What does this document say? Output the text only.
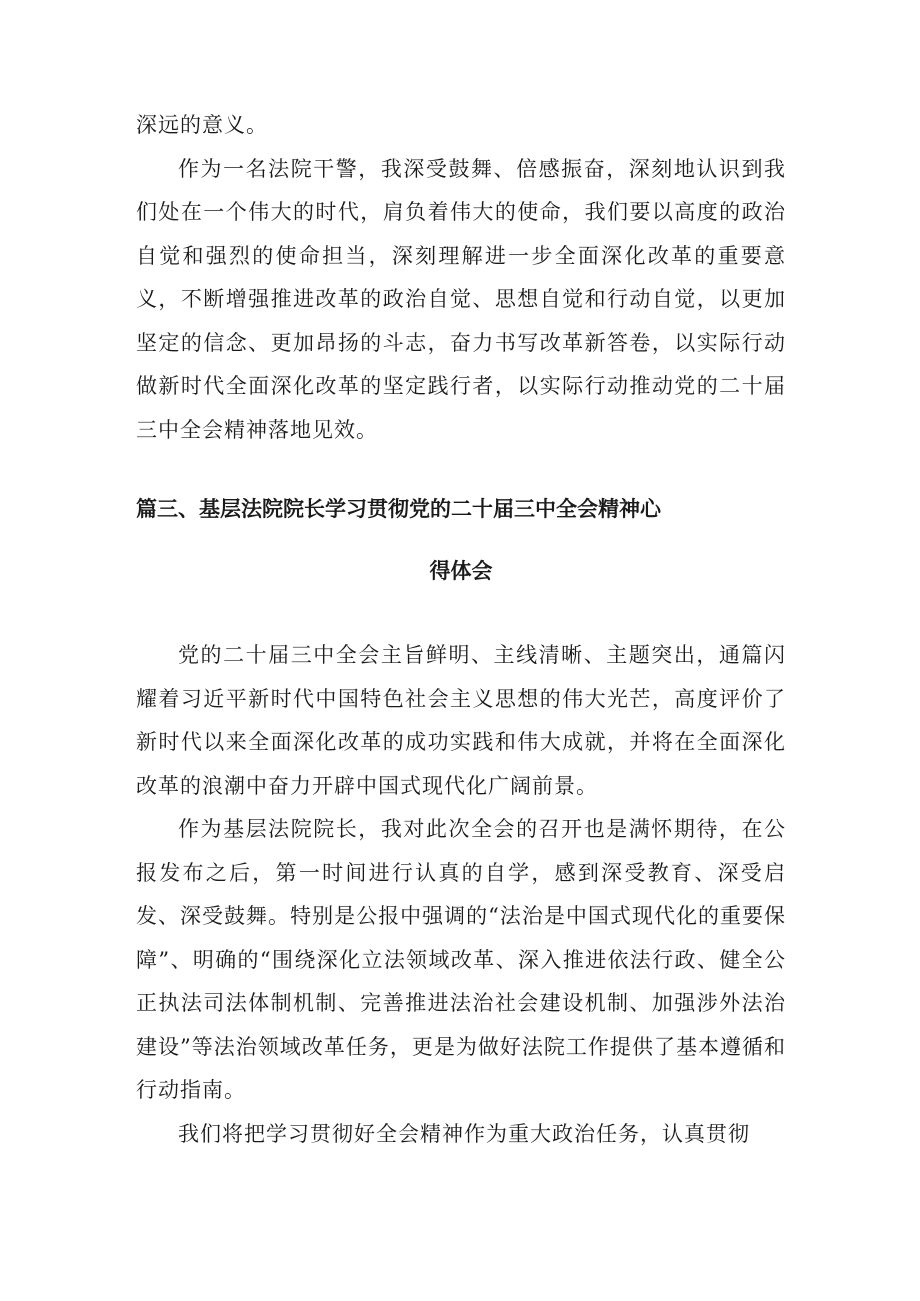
深远的意义。

作为一名法院干警，我深受鼓舞、倍感振奋，深刻地认识到我们处在一个伟大的时代，肩负着伟大的使命，我们要以高度的政治自觉和强烈的使命担当，深刻理解进一步全面深化改革的重要意义，不断增强推进改革的政治自觉、思想自觉和行动自觉，以更加坚定的信念、更加昂扬的斗志，奋力书写改革新答卷，以实际行动做新时代全面深化改革的坚定践行者，以实际行动推动党的二十届三中全会精神落地见效。

篇三、基层法院院长学习贯彻党的二十届三中全会精神心
得体会

党的二十届三中全会主旨鲜明、主线清晰、主题突出，通篇闪耀着习近平新时代中国特色社会主义思想的伟大光芒，高度评价了新时代以来全面深化改革的成功实践和伟大成就，并将在全面深化改革的浪潮中奋力开辟中国式现代化广阔前景。

作为基层法院院长，我对此次全会的召开也是满怀期待，在公报发布之后，第一时间进行认真的自学，感到深受教育、深受启发、深受鼓舞。特别是公报中强调的“法治是中国式现代化的重要保障”、明确的“围绕深化立法领域改革、深入推进依法行政、健全公正执法司法体制机制、完善推进法治社会建设机制、加强涉外法治建设”等法治领域改革任务，更是为做好法院工作提供了基本遵循和行动指南。

我们将把学习贯彻好全会精神作为重大政治任务，认真贯彻
